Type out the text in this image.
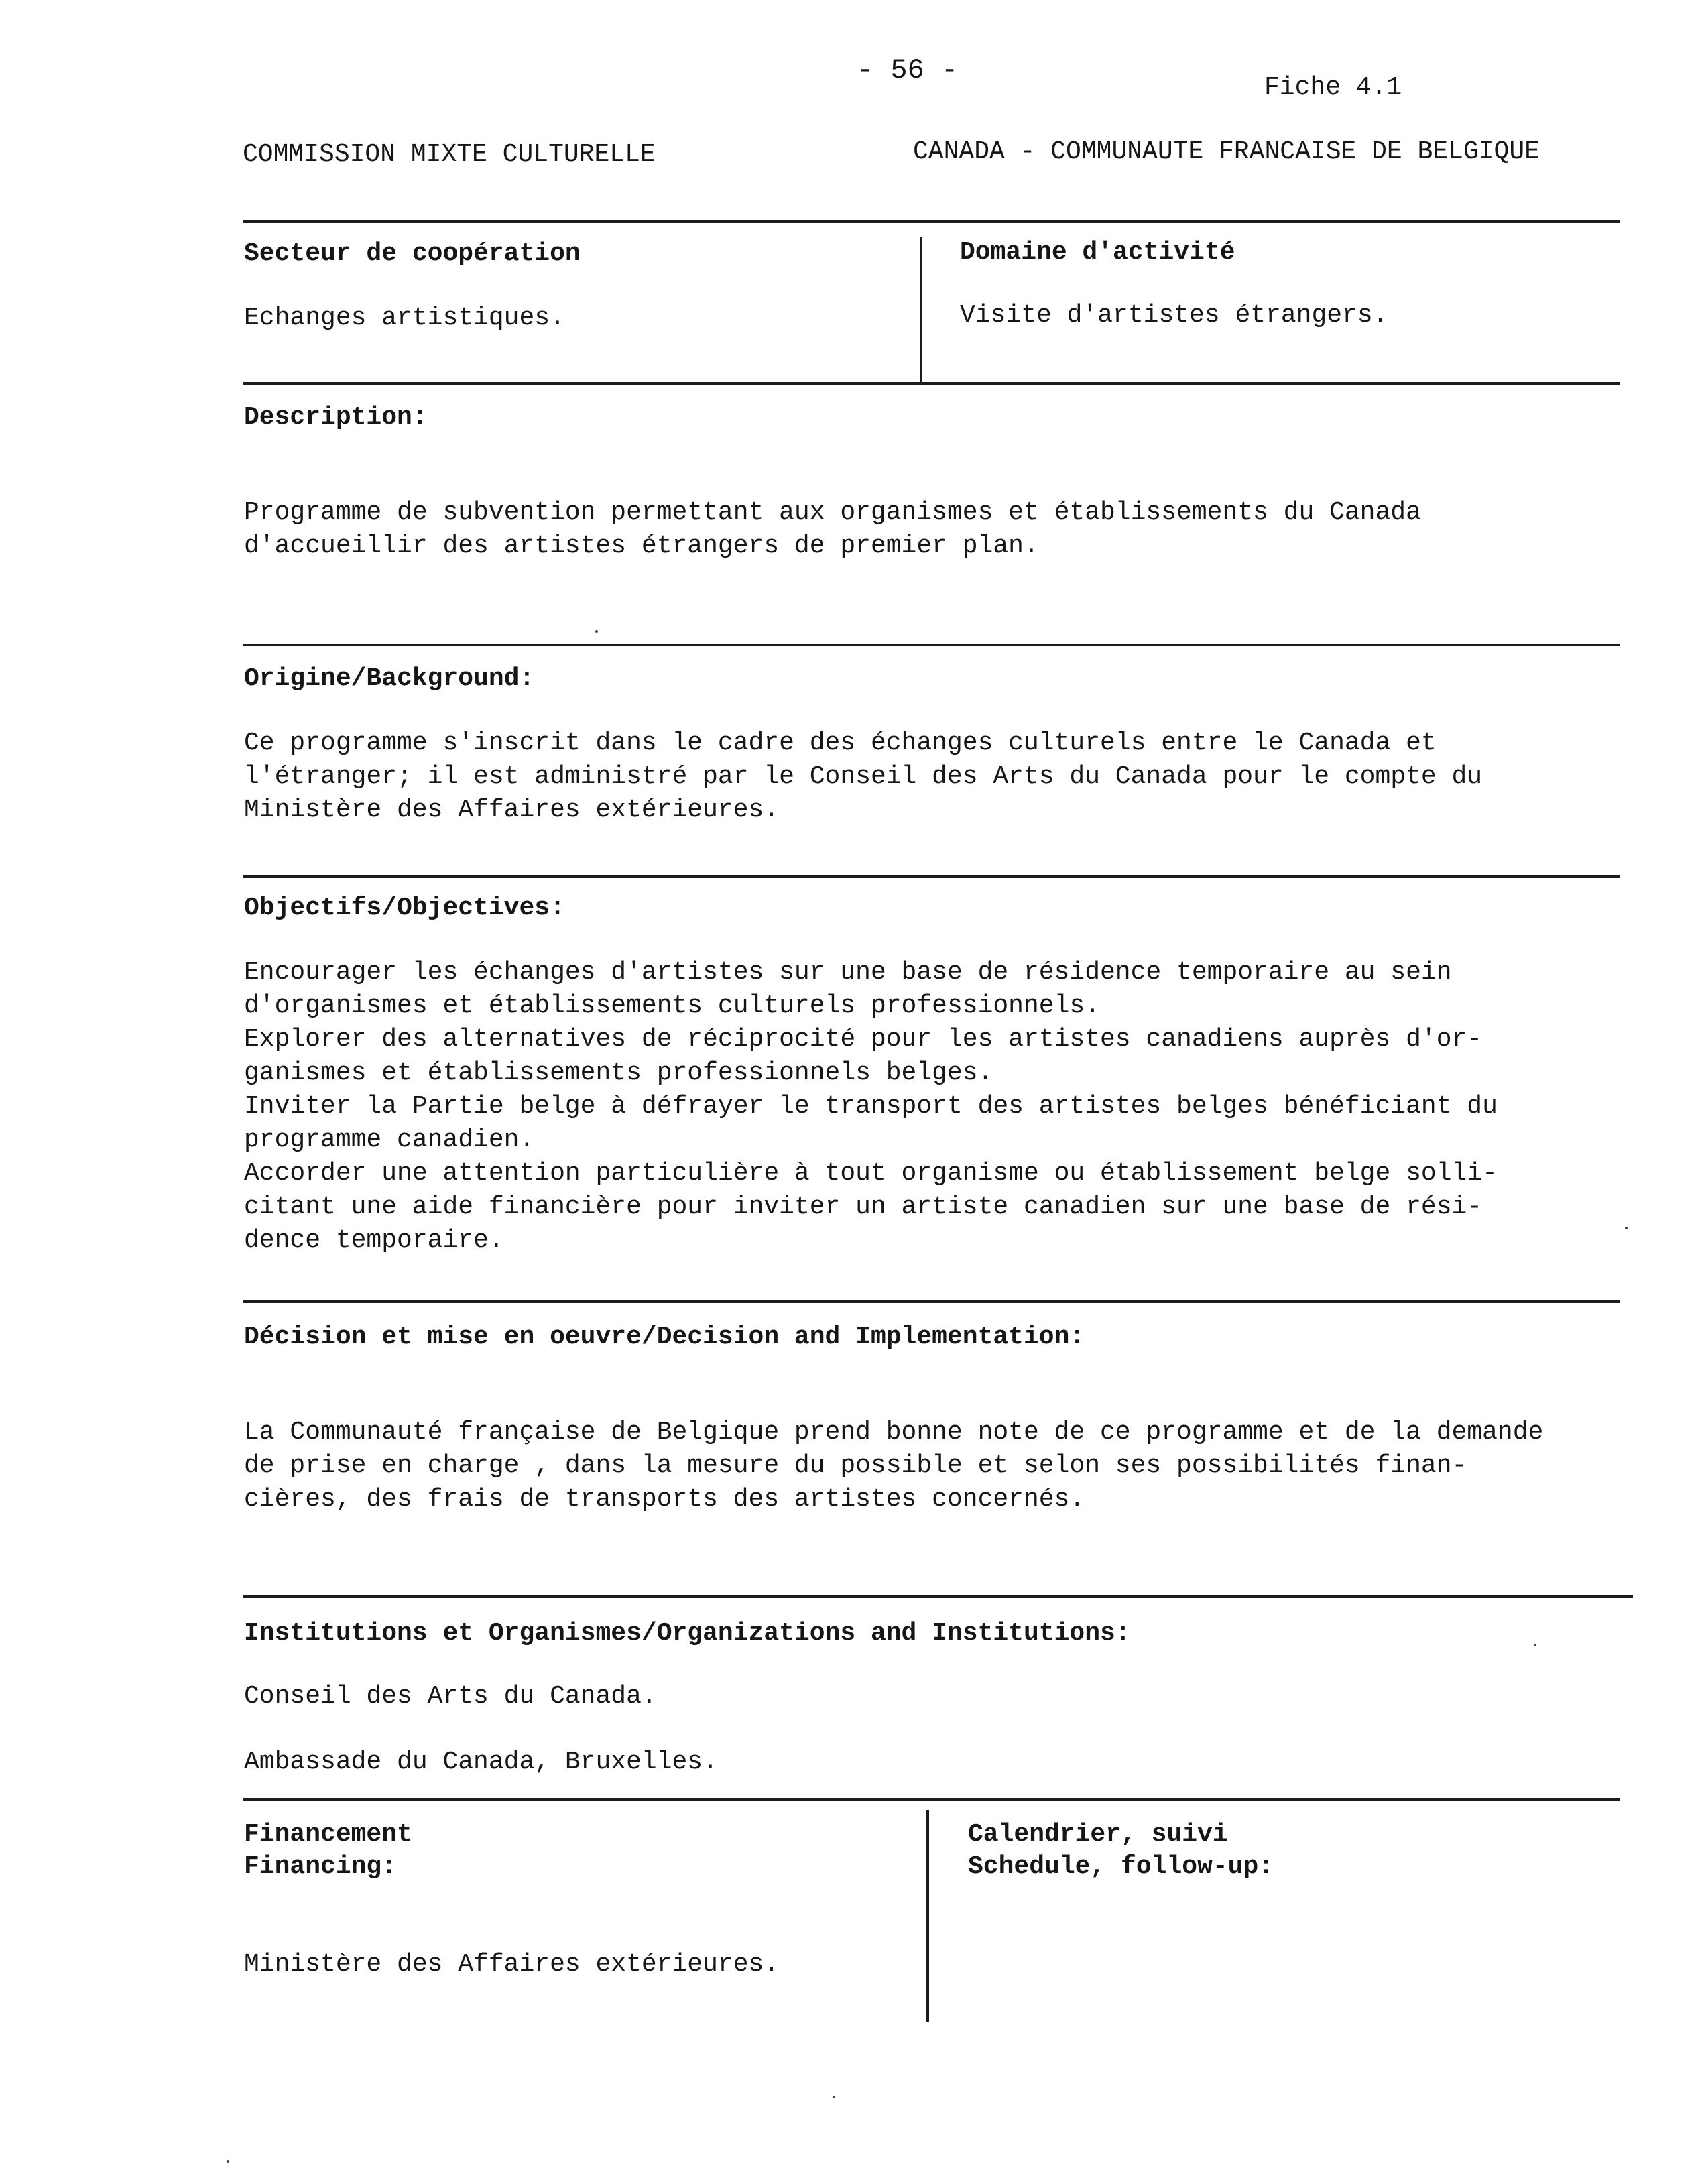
- 56 -
Fiche 4.1
COMMISSION MIXTE CULTURELLE	CANADA - COMMUNAUTE FRANCAISE DE BELGIQUE
Secteur de coopération
Echanges artistiques.
Domaine d'activité
Visite d'artistes étrangers.
Description:
Programme de subvention permettant aux organismes et établissements du Canada
d'accueillir des artistes étrangers de premier plan.
Origine/Background:
Ce programme s'inscrit dans le cadre des échanges culturels entre le Canada et
l'étranger; il est administré par le Conseil des Arts du Canada pour le compte du
Ministère des Affaires extérieures.
Objectifs/Objectives:
Encourager les échanges d'artistes sur une base de résidence temporaire au sein
d'organismes et établissements culturels professionnels.
Explorer des alternatives de réciprocité pour les artistes canadiens auprès d'or-
ganismes et établissements professionnels belges.
Inviter la Partie belge à défrayer le transport des artistes belges bénéficiant du
programme canadien.
Accorder une attention particulière à tout organisme ou établissement belge solli-
citant une aide financière pour inviter un artiste canadien sur une base de rési-
dence temporaire.
Décision et mise en oeuvre/Decision and Implementation:
La Communauté française de Belgique prend bonne note de ce programme et de la demande
de prise en charge , dans la mesure du possible et selon ses possibilités finan-
cières, des frais de transports des artistes concernés.
Institutions et Organismes/Organizations and Institutions:
Conseil des Arts du Canada.
Ambassade du Canada, Bruxelles.
Financement
Financing:
Ministère des Affaires extérieures.
Calendrier, suivi
Schedule, follow-up:
